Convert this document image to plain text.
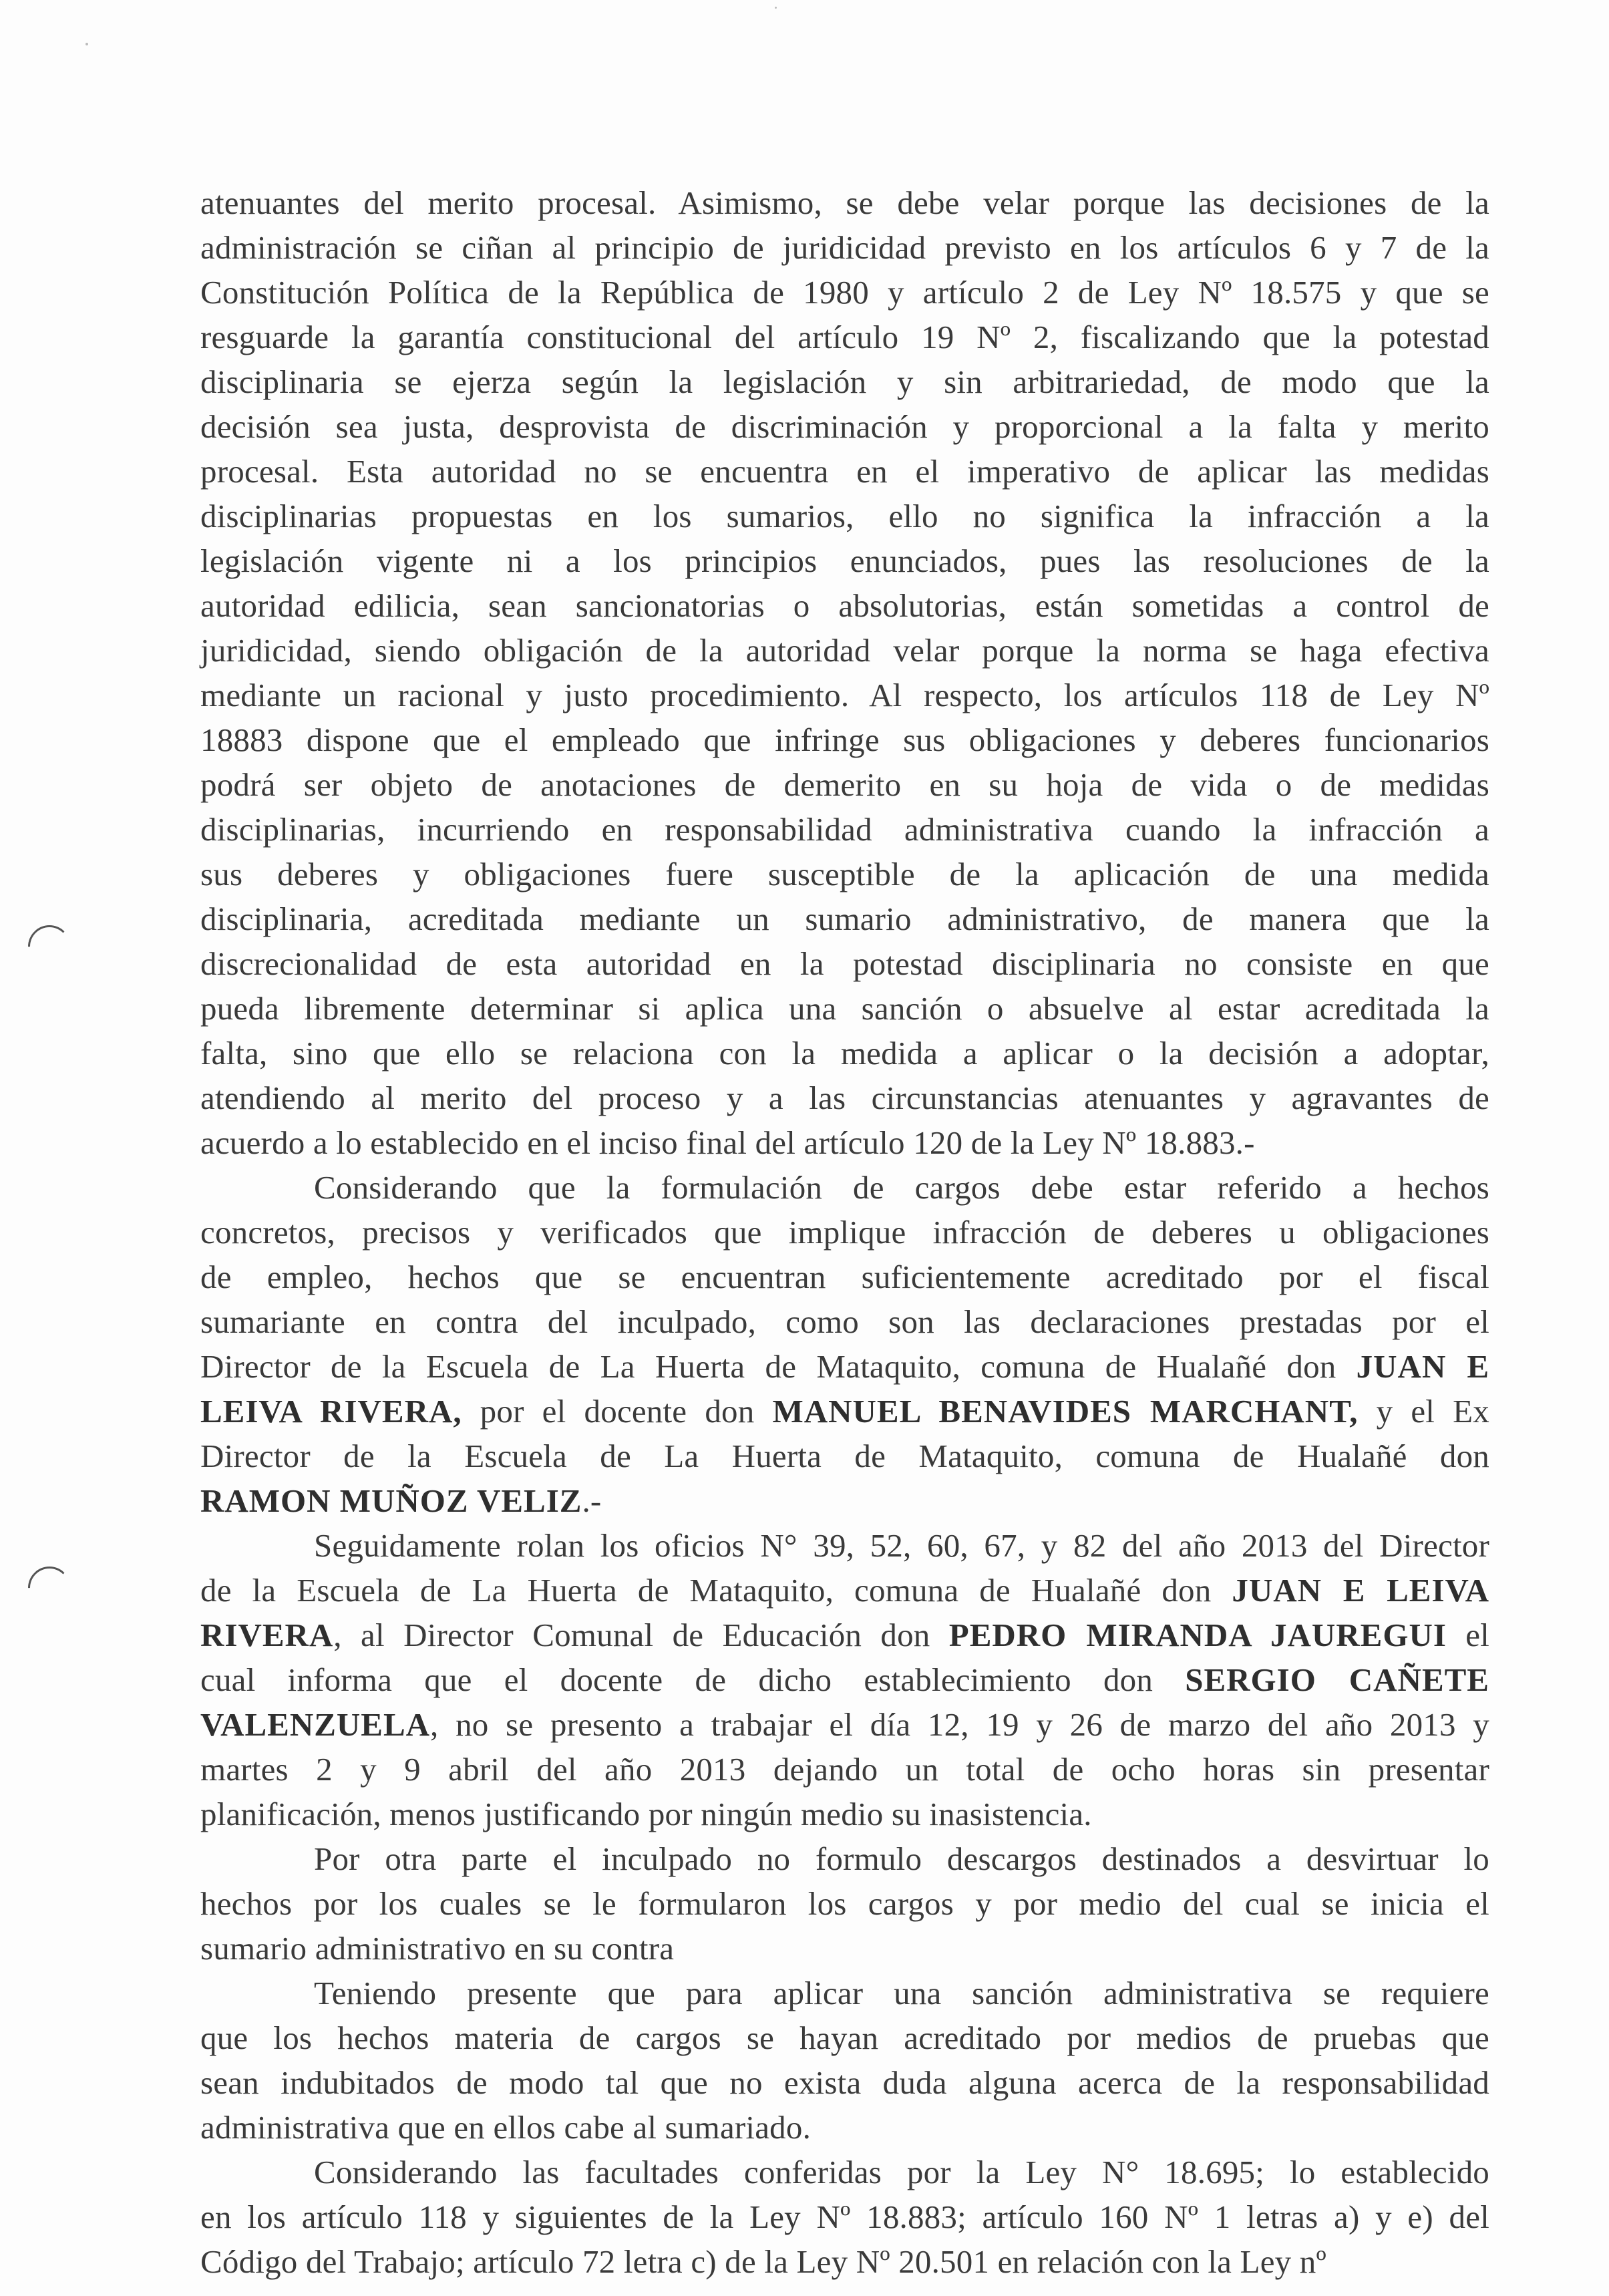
atenuantes del merito procesal. Asimismo, se debe velar porque las decisiones de la
administración se ciñan al principio de juridicidad previsto en los artículos 6 y 7 de la
Constitución Política de la República de 1980 y artículo 2 de Ley Nº 18.575 y que se
resguarde la garantía constitucional del artículo 19 Nº 2, fiscalizando que la potestad
disciplinaria se ejerza según la legislación y sin arbitrariedad, de modo que la
decisión sea justa, desprovista de discriminación y proporcional a la falta y merito
procesal. Esta autoridad no se encuentra en el imperativo de aplicar las medidas
disciplinarias propuestas en los sumarios, ello no significa la infracción a la
legislación vigente ni a los principios enunciados, pues las resoluciones de la
autoridad edilicia, sean sancionatorias o absolutorias, están sometidas a control de
juridicidad, siendo obligación de la autoridad velar porque la norma se haga efectiva
mediante un racional y justo procedimiento. Al respecto, los artículos 118 de Ley Nº
18883 dispone que el empleado que infringe sus obligaciones y deberes funcionarios
podrá ser objeto de anotaciones de demerito en su hoja de vida o de medidas
disciplinarias, incurriendo en responsabilidad administrativa cuando la infracción a
sus deberes y obligaciones fuere susceptible de la aplicación de una medida
disciplinaria, acreditada mediante un sumario administrativo, de manera que la
discrecionalidad de esta autoridad en la potestad disciplinaria no consiste en que
pueda libremente determinar si aplica una sanción o absuelve al estar acreditada la
falta, sino que ello se relaciona con la medida a aplicar o la decisión a adoptar,
atendiendo al merito del proceso y a las circunstancias atenuantes y agravantes de
acuerdo a lo establecido en el inciso final del artículo 120 de la Ley Nº 18.883.-
Considerando que la formulación de cargos debe estar referido a hechos
concretos, precisos y verificados que implique infracción de deberes u obligaciones
de empleo, hechos que se encuentran suficientemente acreditado por el fiscal
sumariante en contra del inculpado, como son las declaraciones prestadas por el
Director de la Escuela de La Huerta de Mataquito, comuna de Hualañé don JUAN E
LEIVA RIVERA, por el docente don MANUEL BENAVIDES MARCHANT, y el Ex
Director de la Escuela de La Huerta de Mataquito, comuna de Hualañé don
RAMON MUÑOZ VELIZ.-
Seguidamente rolan los oficios N° 39, 52, 60, 67, y 82 del año 2013 del Director
de la Escuela de La Huerta de Mataquito, comuna de Hualañé don JUAN E LEIVA
RIVERA, al Director Comunal de Educación don PEDRO MIRANDA JAUREGUI el
cual informa que el docente de dicho establecimiento don SERGIO CAÑETE
VALENZUELA, no se presento a trabajar el día 12, 19 y 26 de marzo del año 2013 y
martes 2 y 9 abril del año 2013 dejando un total de ocho horas sin presentar
planificación, menos justificando por ningún medio su inasistencia.
Por otra parte el inculpado no formulo descargos destinados a desvirtuar lo
hechos por los cuales se le formularon los cargos y por medio del cual se inicia el
sumario administrativo en su contra
Teniendo presente que para aplicar una sanción administrativa se requiere
que los hechos materia de cargos se hayan acreditado por medios de pruebas que
sean indubitados de modo tal que no exista duda alguna acerca de la responsabilidad
administrativa que en ellos cabe al sumariado.
Considerando las facultades conferidas por la Ley N° 18.695; lo establecido
en los artículo 118 y siguientes de la Ley Nº 18.883; artículo 160 Nº 1 letras a) y e) del
Código del Trabajo; artículo 72 letra c) de la Ley Nº 20.501 en relación con la Ley nº
